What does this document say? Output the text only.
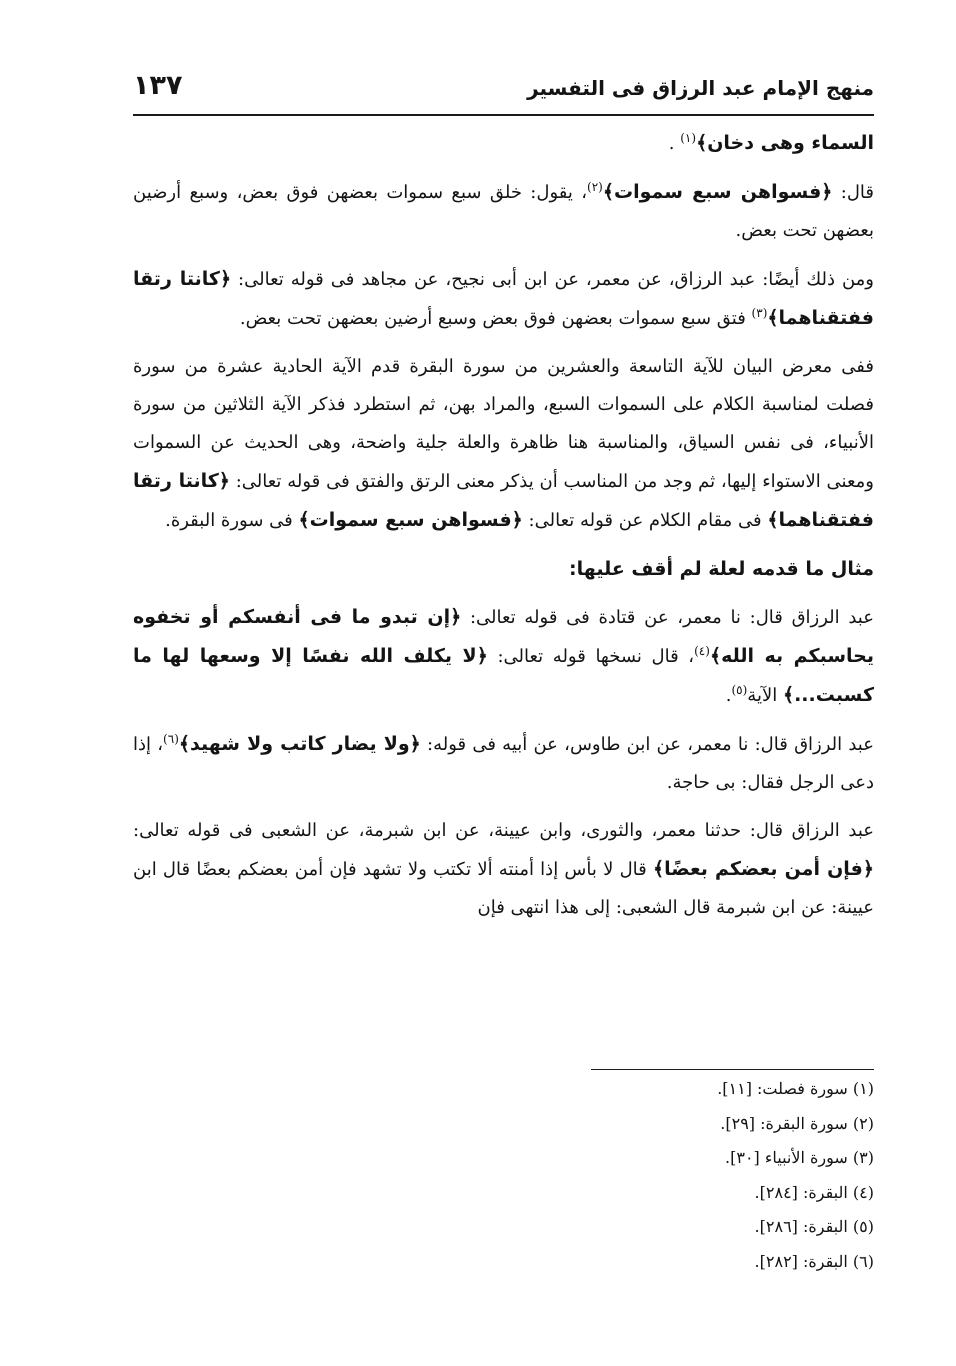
منهج الإمام عبد الرزاق فى التفسير
١٣٧

السماء وهى دخان﴾$^{(١)}$ .

قال: ﴿فسواهن سبع سموات﴾$^{(٢)}$، يقول: خلق سبع سموات بعضهن فوق بعض، وسبع أرضين بعضهن تحت بعض.

ومن ذلك أيضًا: عبد الرزاق، عن معمر، عن ابن أبى نجيح، عن مجاهد فى قوله تعالى: ﴿كانتا رتقا ففتقناهما﴾$^{(٣)}$ فتق سبع سموات بعضهن فوق بعض وسبع أرضين بعضهن تحت بعض.

ففى معرض البيان للآية التاسعة والعشرين من سورة البقرة قدم الآية الحادية عشرة من سورة فصلت لمناسبة الكلام على السموات السبع، والمراد بهن، ثم استطرد فذكر الآية الثلاثين من سورة الأنبياء، فى نفس السياق، والمناسبة هنا ظاهرة والعلة جلية واضحة، وهى الحديث عن السموات ومعنى الاستواء إليها، ثم وجد من المناسب أن يذكر معنى الرتق والفتق فى قوله تعالى: ﴿كانتا رتقا ففتقناهما﴾ فى مقام الكلام عن قوله تعالى: ﴿فسواهن سبع سموات﴾ فى سورة البقرة.

مثال ما قدمه لعلة لم أقف عليها:

عبد الرزاق قال: نا معمر، عن قتادة فى قوله تعالى: ﴿إن تبدو ما فى أنفسكم أو تخفوه يحاسبكم به الله﴾$^{(٤)}$، قال نسخها قوله تعالى: ﴿لا يكلف الله نفسًا إلا وسعها لها ما كسبت...﴾ الآية$^{(٥)}$.

عبد الرزاق قال: نا معمر، عن ابن طاوس، عن أبيه فى قوله: ﴿ولا يضار كاتب ولا شهيد﴾$^{(٦)}$، إذا دعى الرجل فقال: بى حاجة.

عبد الرزاق قال: حدثنا معمر، والثورى، وابن عيينة، عن ابن شبرمة، عن الشعبى فى قوله تعالى: ﴿فإن أمن بعضكم بعضًا﴾ قال لا بأس إذا أمنته ألا تكتب ولا تشهد فإن أمن بعضكم بعضًا قال ابن عيينة: عن ابن شبرمة قال الشعبى: إلى هذا انتهى فإن

(١) سورة فصلت: [١١].
(٢) سورة البقرة: [٢٩].
(٣) سورة الأنبياء [٣٠].
(٤) البقرة: [٢٨٤].
(٥) البقرة: [٢٨٦].
(٦) البقرة: [٢٨٢].
